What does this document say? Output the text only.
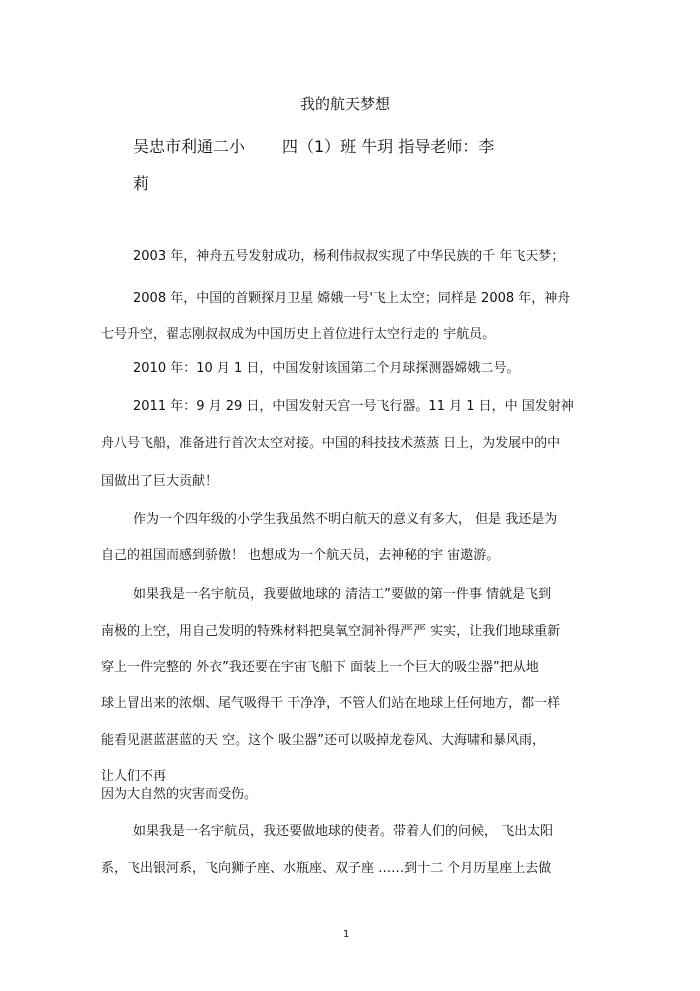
我的航天梦想
吴忠市利通二小 四（1）班 牛玥 指导老师：李
莉
2003 年，神舟五号发射成功，杨利伟叔叔实现了中华民族的千 年飞天梦；
2008 年，中国的首颗探月卫星 嫦娥一号'飞上太空；同样是 2008 年，神舟
七号升空，翟志刚叔叔成为中国历史上首位进行太空行走的 宇航员。
2010 年：10 月 1 日，中国发射该国第二个月球探测器嫦娥二号。
2011 年：9 月 29 日，中国发射天宫一号飞行器。11 月 1 日，中 国发射神
舟八号飞船，准备进行首次太空对接。中国的科技技术蒸蒸 日上，为发展中的中
国做出了巨大贡献！
作为一个四年级的小学生我虽然不明白航天的意义有多大， 但是 我还是为
自己的祖国而感到骄傲！ 也想成为一个航天员，去神秘的宇 宙遨游。
如果我是一名宇航员，我要做地球的 清洁工”要做的第一件事 情就是飞到
南极的上空，用自己发明的特殊材料把臭氧空洞补得严严 实实，让我们地球重新
穿上一件完整的 外衣”我还要在宇宙飞船下 面装上一个巨大的吸尘器”把从地
球上冒出来的浓烟、尾气吸得干 干净净，不管人们站在地球上任何地方，都一样
能看见湛蓝湛蓝的天 空。这个 吸尘器”还可以吸掉龙卷风、大海啸和暴风雨，
让人们不再
因为大自然的灾害而受伤。
如果我是一名宇航员，我还要做地球的使者。带着人们的问候， 飞出太阳
系，飞出银河系，飞向狮子座、水瓶座、双子座 ……到十二 个月历星座上去做
1
